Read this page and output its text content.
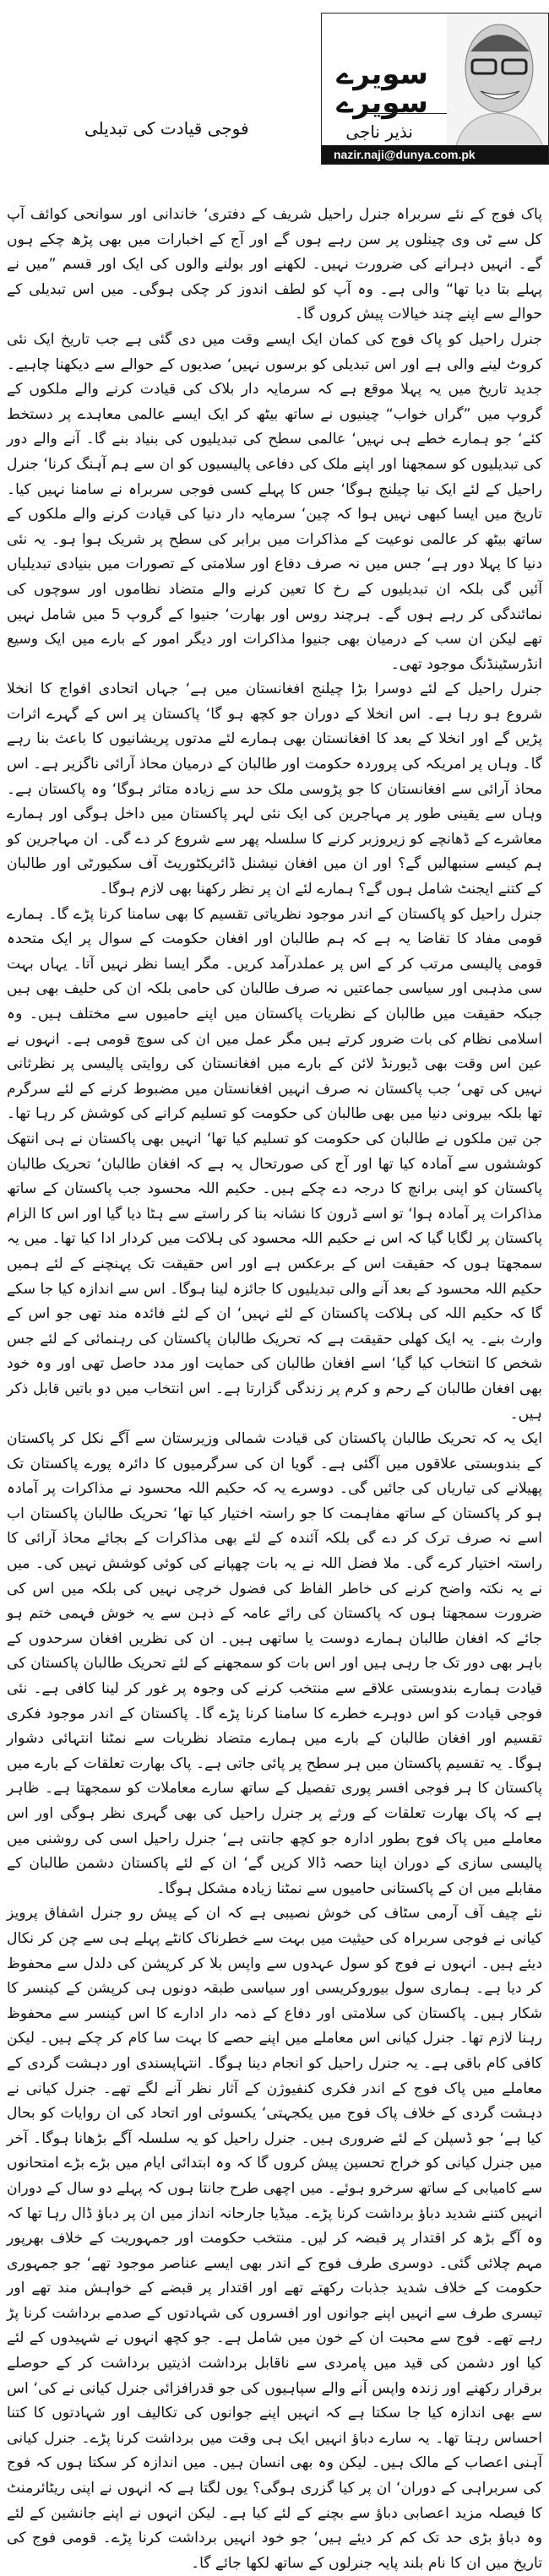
سویرے سویرے
نذیر ناجی
nazir.naji@dunya.com.pk
فوجی قیادت کی تبدیلی

پاک فوج کے نئے سربراہ جنرل راحیل شریف کے دفتری‘ خاندانی اور سوانحی کوائف آپ کل سے ٹی وی چینلوں پر سن رہے ہوں گے اور آج کے اخبارات میں بھی پڑھ چکے ہوں گے۔ انہیں دہرانے کی ضرورت نہیں۔ لکھنے اور بولنے والوں کی ایک اور قسم ”میں نے پہلے بتا دیا تھا“ والی ہے۔ وہ آپ کو لطف اندوز کر چکی ہوگی۔ میں اس تبدیلی کے حوالے سے اپنے چند خیالات پیش کروں گا۔

جنرل راحیل کو پاک فوج کی کمان ایک ایسے وقت میں دی گئی ہے جب تاریخ ایک نئی کروٹ لینے والی ہے اور اس تبدیلی کو برسوں نہیں‘ صدیوں کے حوالے سے دیکھنا چاہیے۔ جدید تاریخ میں یہ پہلا موقع ہے کہ سرمایہ دار بلاک کی قیادت کرنے والے ملکوں کے گروپ میں ”گراں خواب“ چینیوں نے ساتھ بیٹھ کر ایک ایسے عالمی معاہدے پر دستخط کئے‘ جو ہمارے خطے ہی نہیں‘ عالمی سطح کی تبدیلیوں کی بنیاد بنے گا۔ آنے والے دور کی تبدیلیوں کو سمجھنا اور اپنے ملک کی دفاعی پالیسیوں کو ان سے ہم آہنگ کرنا‘ جنرل راحیل کے لئے ایک نیا چیلنج ہوگا‘ جس کا پہلے کسی فوجی سربراہ نے سامنا نہیں کیا۔ تاریخ میں ایسا کبھی نہیں ہوا کہ چین‘ سرمایہ دار دنیا کی قیادت کرنے والے ملکوں کے ساتھ بیٹھ کر عالمی نوعیت کے مذاکرات میں برابر کی سطح پر شریک ہوا ہو۔ یہ نئی دنیا کا پہلا دور ہے‘ جس میں نہ صرف دفاع اور سلامتی کے تصورات میں بنیادی تبدیلیاں آئیں گی بلکہ ان تبدیلیوں کے رخ کا تعین کرنے والے متضاد نظاموں اور سوچوں کی نمائندگی کر رہے ہوں گے۔ ہرچند روس اور بھارت‘ جنیوا کے گروپ 5 میں شامل نہیں تھے لیکن ان سب کے درمیان بھی جنیوا مذاکرات اور دیگر امور کے بارے میں ایک وسیع انڈرسٹینڈنگ موجود تھی۔

جنرل راحیل کے لئے دوسرا بڑا چیلنج افغانستان میں ہے‘ جہاں اتحادی افواج کا انخلا شروع ہو رہا ہے۔ اس انخلا کے دوران جو کچھ ہو گا‘ پاکستان پر اس کے گہرے اثرات پڑیں گے اور انخلا کے بعد کا افغانستان بھی ہمارے لئے مدتوں پریشانیوں کا باعث بنا رہے گا۔ وہاں پر امریکہ کی پروردہ حکومت اور طالبان کے درمیان محاذ آرائی ناگزیر ہے۔ اس محاذ آرائی سے افغانستان کا جو پڑوسی ملک حد سے زیادہ متاثر ہوگا‘ وہ پاکستان ہے۔ وہاں سے یقینی طور پر مہاجرین کی ایک نئی لہر پاکستان میں داخل ہوگی اور ہمارے معاشرے کے ڈھانچے کو زیروزبر کرنے کا سلسلہ پھر سے شروع کر دے گی۔ ان مہاجرین کو ہم کیسے سنبھالیں گے؟ اور ان میں افغان نیشنل ڈائریکٹوریٹ آف سکیورٹی اور طالبان کے کتنے ایجنٹ شامل ہوں گے؟ ہمارے لئے ان پر نظر رکھنا بھی لازم ہوگا۔

جنرل راحیل کو پاکستان کے اندر موجود نظریاتی تقسیم کا بھی سامنا کرنا پڑے گا۔ ہمارے قومی مفاد کا تقاضا یہ ہے کہ ہم طالبان اور افغان حکومت کے سوال پر ایک متحدہ قومی پالیسی مرتب کر کے اس پر عملدرآمد کریں۔ مگر ایسا نظر نہیں آتا۔ یہاں بہت سی مذہبی اور سیاسی جماعتیں نہ صرف طالبان کی حامی بلکہ ان کی حلیف بھی ہیں جبکہ حقیقت میں طالبان کے نظریات پاکستان میں اپنے حامیوں سے مختلف ہیں۔ وہ اسلامی نظام کی بات ضرور کرتے ہیں مگر عمل میں ان کی سوچ قومی ہے۔ انہوں نے عین اس وقت بھی ڈیورنڈ لائن کے بارے میں افغانستان کی روایتی پالیسی پر نظرثانی نہیں کی تھی‘ جب پاکستان نہ صرف انہیں افغانستان میں مضبوط کرنے کے لئے سرگرم تھا بلکہ بیرونی دنیا میں بھی طالبان کی حکومت کو تسلیم کرانے کی کوشش کر رہا تھا۔ جن تین ملکوں نے طالبان کی حکومت کو تسلیم کیا تھا‘ انہیں بھی پاکستان نے ہی انتھک کوششوں سے آمادہ کیا تھا اور آج کی صورتحال یہ ہے کہ افغان طالبان‘ تحریک طالبان پاکستان کو اپنی برانچ کا درجہ دے چکے ہیں۔ حکیم اللہ محسود جب پاکستان کے ساتھ مذاکرات پر آمادہ ہوا‘ تو اسے ڈرون کا نشانہ بنا کر راستے سے ہٹا دیا گیا اور اس کا الزام پاکستان پر لگایا گیا کہ اس نے حکیم اللہ محسود کی ہلاکت میں کردار ادا کیا تھا۔ میں یہ سمجھتا ہوں کہ حقیقت اس کے برعکس ہے اور اس حقیقت تک پہنچنے کے لئے ہمیں حکیم اللہ محسود کے بعد آنے والی تبدیلیوں کا جائزہ لینا ہوگا۔ اس سے اندازہ کیا جا سکے گا کہ حکیم اللہ کی ہلاکت پاکستان کے لئے نہیں‘ ان کے لئے فائدہ مند تھی جو اس کے وارث بنے۔ یہ ایک کھلی حقیقت ہے کہ تحریک طالبان پاکستان کی رہنمائی کے لئے جس شخص کا انتخاب کیا گیا‘ اسے افغان طالبان کی حمایت اور مدد حاصل تھی اور وہ خود بھی افغان طالبان کے رحم و کرم پر زندگی گزارتا ہے۔ اس انتخاب میں دو باتیں قابل ذکر ہیں۔

ایک یہ کہ تحریک طالبان پاکستان کی قیادت شمالی وزیرستان سے آگے نکل کر پاکستان کے بندوبستی علاقوں میں آگئی ہے۔ گویا ان کی سرگرمیوں کا دائرہ پورے پاکستان تک پھیلانے کی تیاریاں کی جائیں گی۔ دوسرے یہ کہ حکیم اللہ محسود نے مذاکرات پر آمادہ ہو کر پاکستان کے ساتھ مفاہمت کا جو راستہ اختیار کیا تھا‘ تحریک طالبان پاکستان اب اسے نہ صرف ترک کر دے گی بلکہ آئندہ کے لئے بھی مذاکرات کے بجائے محاذ آرائی کا راستہ اختیار کرے گی۔ ملا فضل اللہ نے یہ بات چھپانے کی کوئی کوشش نہیں کی۔ میں نے یہ نکتہ واضح کرنے کی خاطر الفاظ کی فضول خرچی نہیں کی بلکہ میں اس کی ضرورت سمجھتا ہوں کہ پاکستان کی رائے عامہ کے ذہن سے یہ خوش فہمی ختم ہو جائے کہ افغان طالبان ہمارے دوست یا ساتھی ہیں۔ ان کی نظریں افغان سرحدوں کے باہر بھی دور تک جا رہی ہیں اور اس بات کو سمجھنے کے لئے تحریک طالبان پاکستان کی قیادت ہمارے بندوبستی علاقے سے منتخب کرنے کی وجوہ پر غور کر لینا کافی ہے۔ نئی فوجی قیادت کو اس دوہرے خطرے کا سامنا کرنا پڑے گا۔ پاکستان کے اندر موجود فکری تقسیم اور افغان طالبان کے بارے میں ہمارے متضاد نظریات سے نمٹنا انتہائی دشوار ہوگا۔ یہ تقسیم پاکستان میں ہر سطح پر پائی جاتی ہے۔ پاک بھارت تعلقات کے بارے میں پاکستان کا ہر فوجی افسر پوری تفصیل کے ساتھ سارے معاملات کو سمجھتا ہے۔ ظاہر ہے کہ پاک بھارت تعلقات کے ورثے پر جنرل راحیل کی بھی گہری نظر ہوگی اور اس معاملے میں پاک فوج بطور ادارہ جو کچھ جانتی ہے‘ جنرل راحیل اسی کی روشنی میں پالیسی سازی کے دوران اپنا حصہ ڈالا کریں گے‘ ان کے لئے پاکستان دشمن طالبان کے مقابلے میں ان کے پاکستانی حامیوں سے نمٹنا زیادہ مشکل ہوگا۔

نئے چیف آف آرمی سٹاف کی خوش نصیبی ہے کہ ان کے پیش رو جنرل اشفاق پرویز کیانی نے فوجی سربراہ کی حیثیت میں بہت سے خطرناک کانٹے پہلے ہی سے چن کر نکال دیئے ہیں۔ انہوں نے فوج کو سول عہدوں سے واپس بلا کر کرپشن کی دلدل سے محفوظ کر دیا ہے۔ ہماری سول بیوروکریسی اور سیاسی طبقہ دونوں ہی کرپشن کے کینسر کا شکار ہیں۔ پاکستان کی سلامتی اور دفاع کے ذمہ دار ادارے کا اس کینسر سے محفوظ رہنا لازم تھا۔ جنرل کیانی اس معاملے میں اپنے حصے کا بہت سا کام کر چکے ہیں۔ لیکن کافی کام باقی ہے۔ یہ جنرل راحیل کو انجام دینا ہوگا۔ انتہاپسندی اور دہشت گردی کے معاملے میں پاک فوج کے اندر فکری کنفیوژن کے آثار نظر آنے لگے تھے۔ جنرل کیانی نے دہشت گردی کے خلاف پاک فوج میں یکجہتی‘ یکسوئی اور اتحاد کی ان روایات کو بحال کیا ہے‘ جو ڈسپلن کے لئے ضروری ہیں۔ جنرل راحیل کو یہ سلسلہ آگے بڑھانا ہوگا۔ آخر میں جنرل کیانی کو خراج تحسین پیش کروں گا کہ وہ ابتدائی ایام میں بڑے بڑے امتحانوں سے کامیابی کے ساتھ سرخرو ہوئے۔ میں اچھی طرح جانتا ہوں کہ پہلے دو سال کے دوران انہیں کتنے شدید دباؤ برداشت کرنا پڑے۔ میڈیا جارحانہ انداز میں ان پر دباؤ ڈال رہا تھا کہ وہ آگے بڑھ کر اقتدار پر قبضہ کر لیں۔ منتخب حکومت اور جمہوریت کے خلاف بھرپور مہم چلائی گئی۔ دوسری طرف فوج کے اندر بھی ایسے عناصر موجود تھے‘ جو جمہوری حکومت کے خلاف شدید جذبات رکھتے تھے اور اقتدار پر قبضے کے خواہش مند تھے اور تیسری طرف سے انہیں اپنے جوانوں اور افسروں کی شہادتوں کے صدمے برداشت کرنا پڑ رہے تھے۔ فوج سے محبت ان کے خون میں شامل ہے۔ جو کچھ انہوں نے شہیدوں کے لئے کیا اور دشمن کی قید میں پامردی سے ناقابل برداشت اذیتیں برداشت کر کے حوصلے برقرار رکھنے اور زندہ واپس آنے والے سپاہیوں کی جو قدرافزائی جنرل کیانی نے کی‘ اس سے بھی اندازہ کیا جا سکتا ہے کہ انہیں اپنے جوانوں کی تکالیف اور شہادتوں کا کتنا احساس رہتا تھا۔ یہ سارے دباؤ انہیں ایک ہی وقت میں برداشت کرنا پڑے۔ جنرل کیانی آہنی اعصاب کے مالک ہیں۔ لیکن وہ بھی انسان ہیں۔ میں اندازہ کر سکتا ہوں کہ فوج کی سربراہی کے دوران‘ ان پر کیا گزری ہوگی؟ یوں لگتا ہے کہ انہوں نے اپنی ریٹائرمنٹ کا فیصلہ مزید اعصابی دباؤ سے بچنے کے لئے کیا ہے۔ لیکن انہوں نے اپنے جانشین کے لئے وہ دباؤ بڑی حد تک کم کر دیئے ہیں‘ جو خود انہیں برداشت کرنا پڑے۔ قومی فوج کی تاریخ میں ان کا نام بلند پایہ جنرلوں کے ساتھ لکھا جائے گا۔
